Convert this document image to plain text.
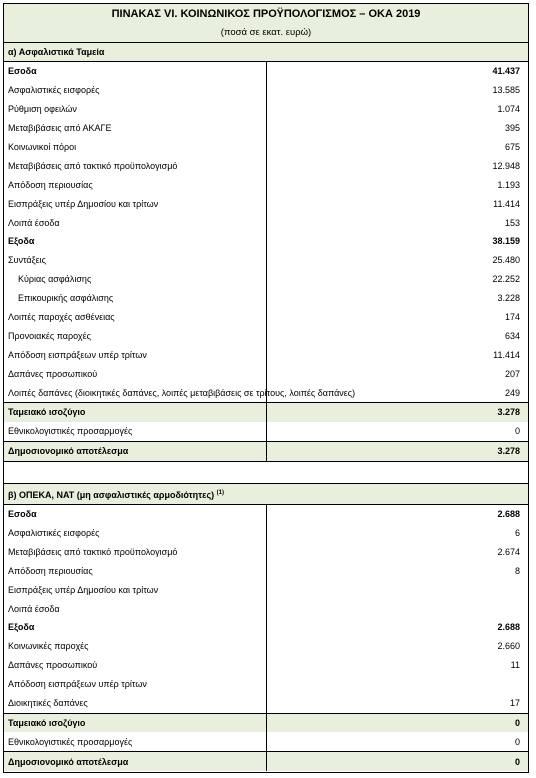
ΠΙΝΑΚΑΣ VI. ΚΟΙΝΩΝΙΚΟΣ ΠΡΟΫΠΟΛΟΓΙΣΜΟΣ – ΟΚΑ 2019	
(ποσά σε εκατ. ευρώ)	
α) Ασφαλιστικά Ταμεία	
Εσοδα	41.437
Ασφαλιστικές εισφορές	13.585
Ρύθμιση οφειλών	1.074
Μεταβιβάσεις από ΑΚΑΓΕ	395
Κοινωνικοί πόροι	675
Μεταβιβάσεις από τακτικό προϋπολογισμό	12.948
Απόδοση περιουσίας	1.193
Εισπράξεις υπέρ Δημοσίου και τρίτων	11.414
Λοιπά έσοδα	153
Εξοδα	38.159
Συντάξεις	25.480
Κύριας ασφάλισης	22.252
Επικουρικής ασφάλισης	3.228
Λοιπές παροχές ασθένειας	174
Προνοιακές παροχές	634
Απόδοση εισπράξεων υπέρ τρίτων	11.414
Δαπάνες προσωπικού	207
Λοιπές δαπάνες (διοικητικές δαπάνες, λοιπές μεταβιβάσεις σε τρίτους, λοιπές δαπάνες)	249
Ταμειακό ισοζύγιο	3.278
Εθνικολογιστικές προσαρμογές	0
Δημοσιονομικό αποτέλεσμα	3.278

β) ΟΠΕΚΑ, ΝΑΤ (μη ασφαλιστικές αρμοδιότητες) $^{(1)}$
Εσοδα	2.688
Ασφαλιστικές εισφορές	6
Μεταβιβάσεις από τακτικό προϋπολογισμό	2.674
Απόδοση περιουσίας	8
Εισπράξεις υπέρ Δημοσίου και τρίτων	
Λοιπά έσοδα	
Εξοδα	2.688
Κοινωνικές παροχές	2.660
Δαπάνες προσωπικού	11
Απόδοση εισπράξεων υπέρ τρίτων	
Διοικητικές δαπάνες	17
Ταμειακό ισοζύγιο	0
Εθνικολογιστικές προσαρμογές	0
Δημοσιονομικό αποτέλεσμα	0
